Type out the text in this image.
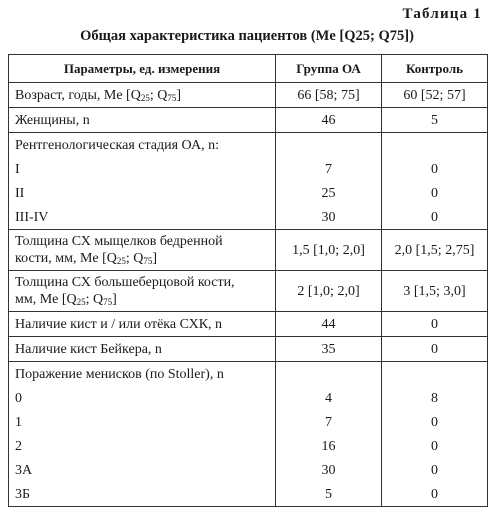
Таблица 1
Общая характеристика пациентов (Me [Q25; Q75])
Параметры, ед. измерения	Группа ОА	Контроль
Возраст, годы, Me [$Q_{25}$; $Q_{75}$]	66 [58; 75]	60 [52; 57]
Женщины, n	46	5
Рентгенологическая стадия ОА, n:		
I	7	0
II	25	0
III-IV	30	0
Толщина СХ мыщелков бедренной
кости, мм, Me [$Q_{25}$; $Q_{75}$]	1,5 [1,0; 2,0]	2,0 [1,5; 2,75]
Толщина СХ большеберцовой кости,
мм, Me [$Q_{25}$; $Q_{75}$]	2 [1,0; 2,0]	3 [1,5; 3,0]
Наличие кист и / или отёка СХК, n	44	0
Наличие кист Бейкера, n	35	0
Поражение менисков (по Stoller), n		
0	4	8
1	7	0
2	16	0
3А	30	0
3Б	5	0
